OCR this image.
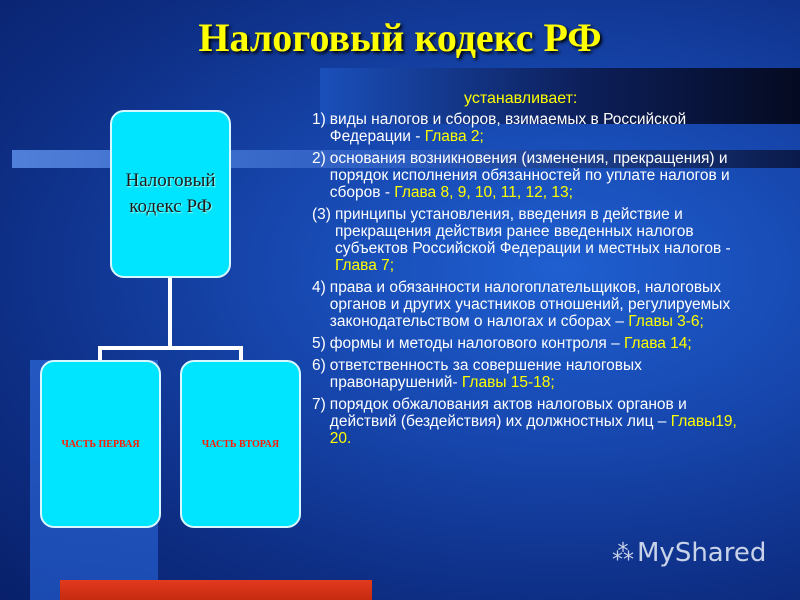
Налоговый кодекс РФ
Налоговый кодекс РФ
ЧАСТЬ ПЕРВАЯ	ЧАСТЬ ВТОРАЯ
устанавливает:
1) виды налогов и сборов, взимаемых в Российской Федерации - Глава 2;
2) основания возникновения (изменения, прекращения) и порядок исполнения обязанностей по уплате налогов и сборов - Глава 8, 9, 10, 11, 12, 13;
(3) принципы установления, введения в действие и прекращения действия ранее введенных налогов субъектов Российской Федерации и местных налогов - Глава 7;
4) права и обязанности налогоплательщиков, налоговых органов и других участников отношений, регулируемых законодательством о налогах и сборах – Главы 3-6;
5) формы и методы налогового контроля – Глава 14;
6) ответственность за совершение налоговых правонарушений- Главы 15-18;
7) порядок обжалования актов налоговых органов и действий (бездействия) их должностных лиц – Главы19, 20.
⁂ MyShared
